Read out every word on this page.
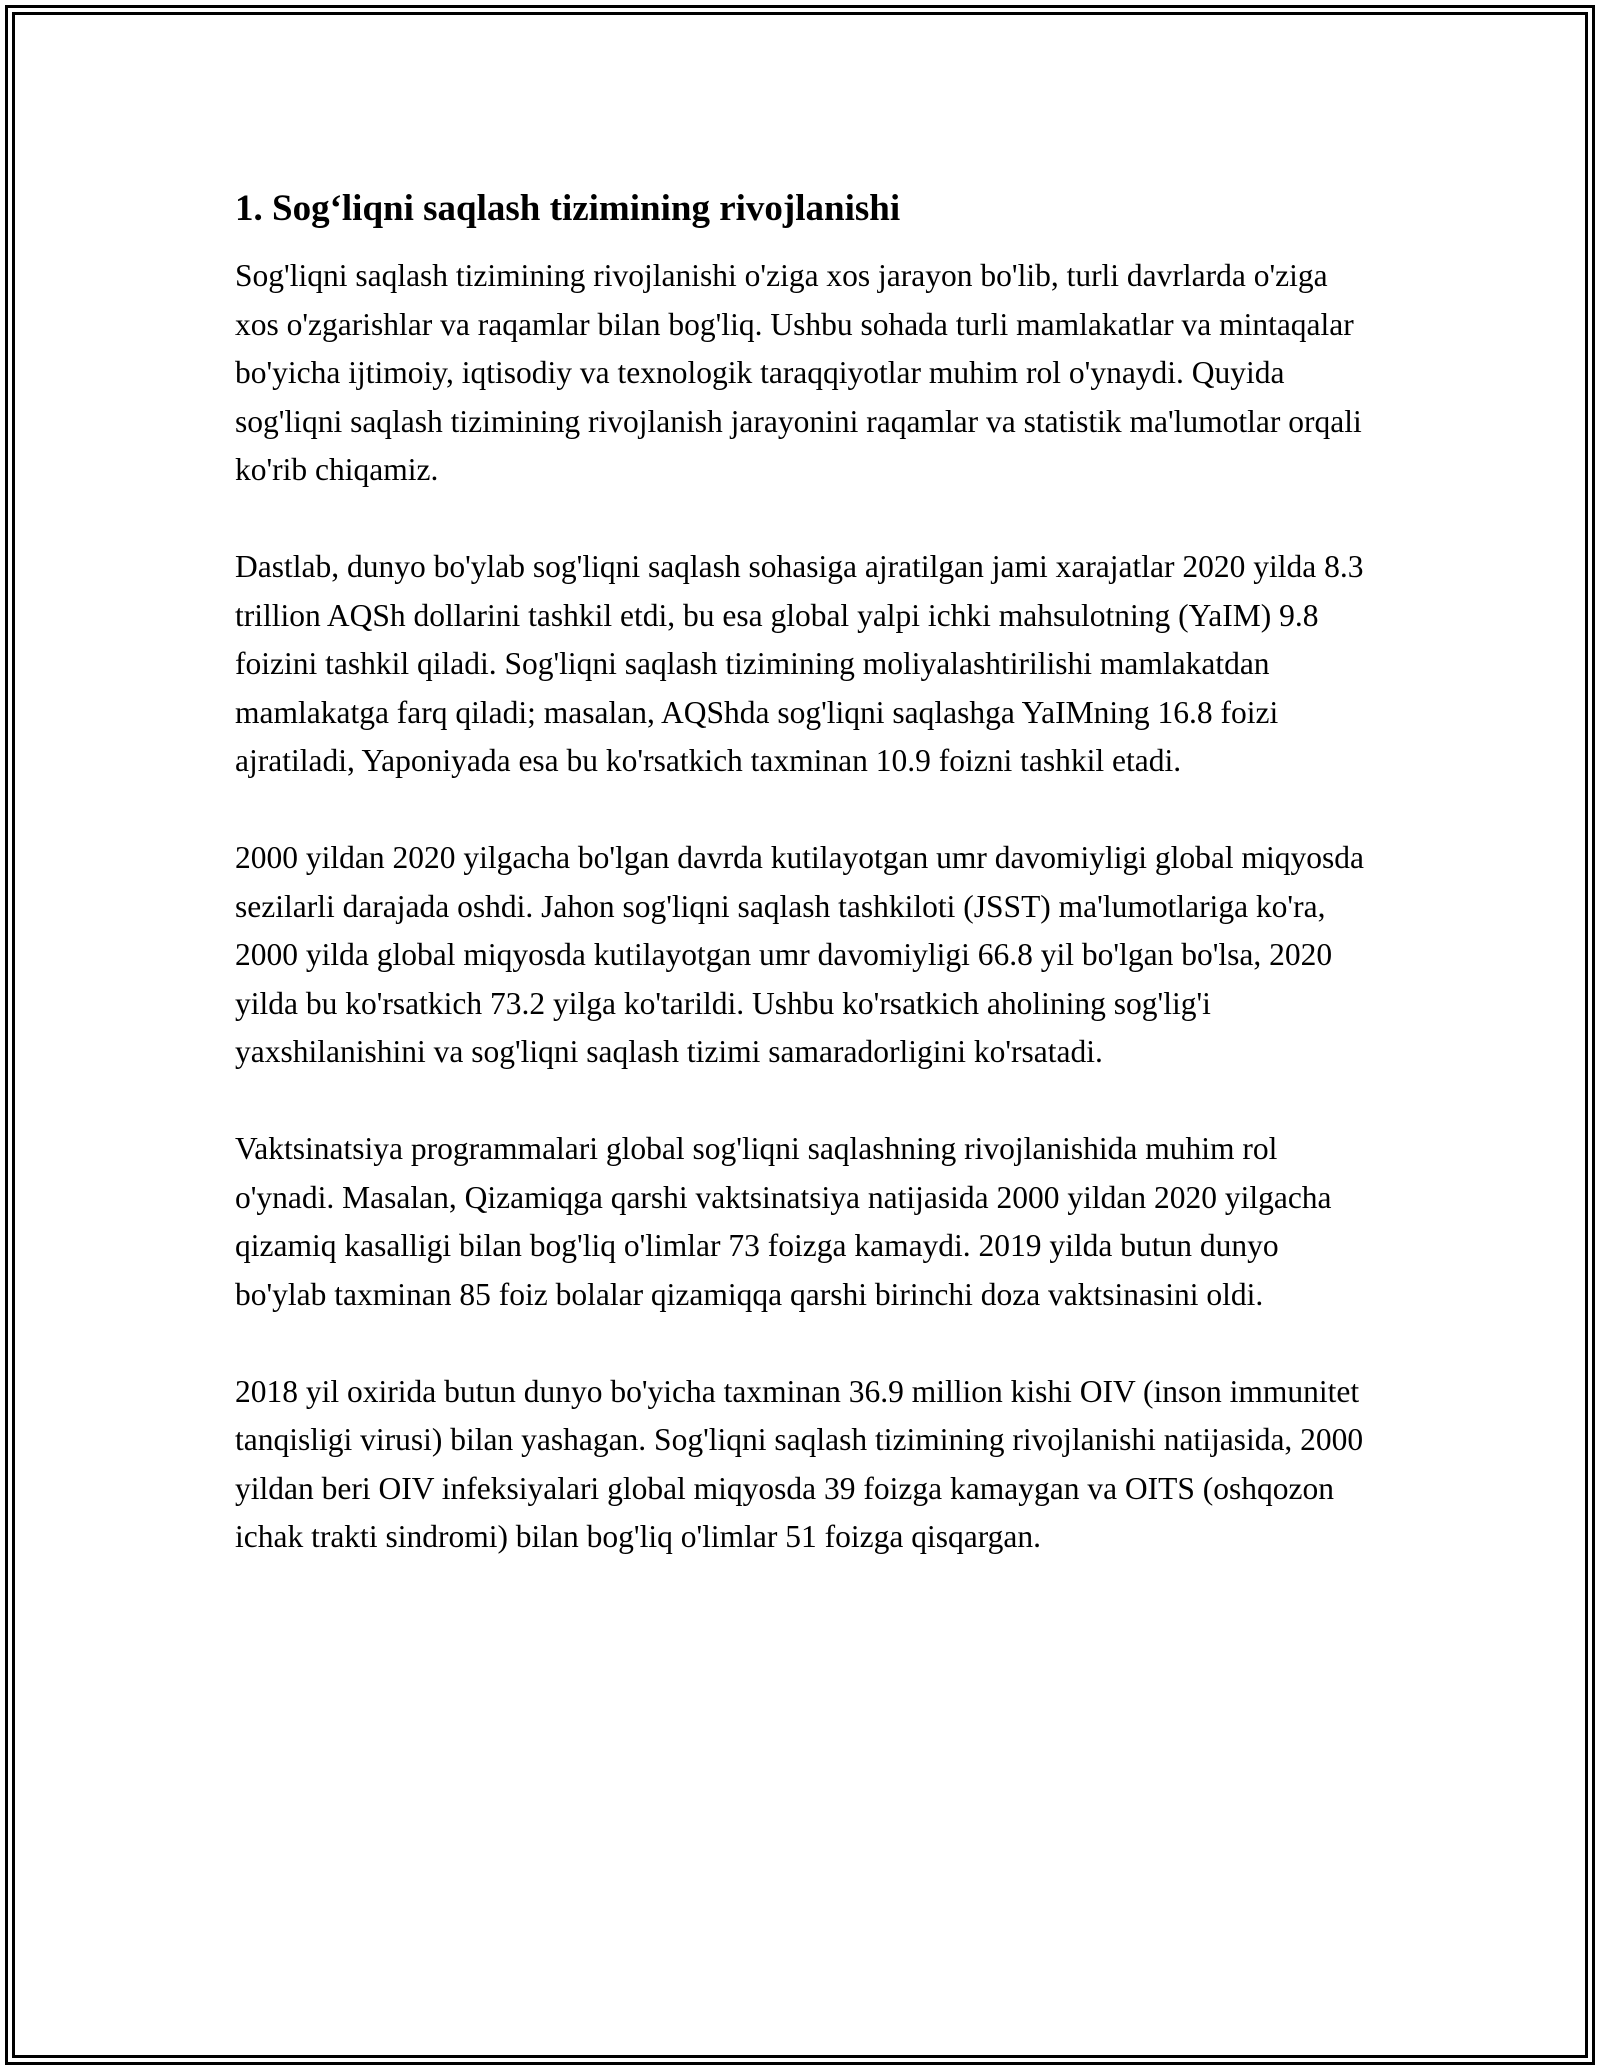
1. Sog‘liqni saqlash tizimining rivojlanishi

Sog'liqni saqlash tizimining rivojlanishi o'ziga xos jarayon bo'lib, turli davrlarda o'ziga xos o'zgarishlar va raqamlar bilan bog'liq. Ushbu sohada turli mamlakatlar va mintaqalar bo'yicha ijtimoiy, iqtisodiy va texnologik taraqqiyotlar muhim rol o'ynaydi. Quyida sog'liqni saqlash tizimining rivojlanish jarayonini raqamlar va statistik ma'lumotlar orqali ko'rib chiqamiz.

Dastlab, dunyo bo'ylab sog'liqni saqlash sohasiga ajratilgan jami xarajatlar 2020 yilda 8.3 trillion AQSh dollarini tashkil etdi, bu esa global yalpi ichki mahsulotning (YaIM) 9.8 foizini tashkil qiladi. Sog'liqni saqlash tizimining moliyalashtirilishi mamlakatdan mamlakatga farq qiladi; masalan, AQShda sog'liqni saqlashga YaIMning 16.8 foizi ajratiladi, Yaponiyada esa bu ko'rsatkich taxminan 10.9 foizni tashkil etadi.

2000 yildan 2020 yilgacha bo'lgan davrda kutilayotgan umr davomiyligi global miqyosda sezilarli darajada oshdi. Jahon sog'liqni saqlash tashkiloti (JSST) ma'lumotlariga ko'ra, 2000 yilda global miqyosda kutilayotgan umr davomiyligi 66.8 yil bo'lgan bo'lsa, 2020 yilda bu ko'rsatkich 73.2 yilga ko'tarildi. Ushbu ko'rsatkich aholining sog'lig'i yaxshilanishini va sog'liqni saqlash tizimi samaradorligini ko'rsatadi.

Vaktsinatsiya programmalari global sog'liqni saqlashning rivojlanishida muhim rol o'ynadi. Masalan, Qizamiqga qarshi vaktsinatsiya natijasida 2000 yildan 2020 yilgacha qizamiq kasalligi bilan bog'liq o'limlar 73 foizga kamaydi. 2019 yilda butun dunyo bo'ylab taxminan 85 foiz bolalar qizamiqqa qarshi birinchi doza vaktsinasini oldi.

2018 yil oxirida butun dunyo bo'yicha taxminan 36.9 million kishi OIV (inson immunitet tanqisligi virusi) bilan yashagan. Sog'liqni saqlash tizimining rivojlanishi natijasida, 2000 yildan beri OIV infeksiyalari global miqyosda 39 foizga kamaygan va OITS (oshqozon ichak trakti sindromi) bilan bog'liq o'limlar 51 foizga qisqargan.
